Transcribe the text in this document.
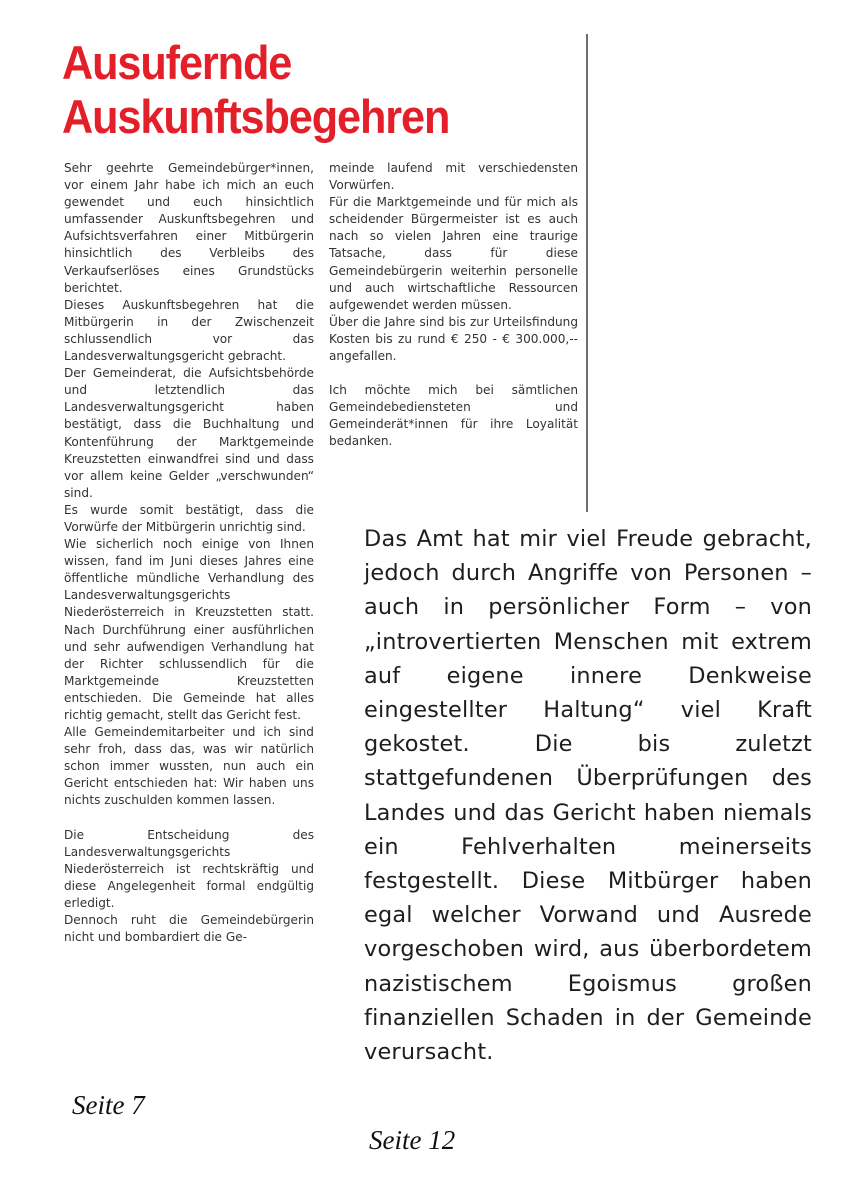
Ausufernde
Auskunftsbegehren

Sehr geehrte Gemeindebürger*innen, vor einem Jahr habe ich mich an euch gewendet und euch hinsichtlich umfassender Auskunftsbegehren und Aufsichtsverfahren einer Mitbürgerin hinsichtlich des Verbleibs des Verkaufserlöses eines Grundstücks berichtet.

Dieses Auskunftsbegehren hat die Mitbürgerin in der Zwischenzeit schlussendlich vor das Landesverwaltungsgericht gebracht.

Der Gemeinderat, die Aufsichtsbehörde und letztendlich das Landesverwaltungsgericht haben bestätigt, dass die Buchhaltung und Kontenführung der Marktgemeinde Kreuzstetten einwandfrei sind und dass vor allem keine Gelder „verschwunden“ sind.

Es wurde somit bestätigt, dass die Vorwürfe der Mitbürgerin unrichtig sind.

Wie sicherlich noch einige von Ihnen wissen, fand im Juni dieses Jahres eine öffentliche mündliche Verhandlung des Landesverwaltungsgerichts Niederösterreich in Kreuzstetten statt. Nach Durchführung einer ausführlichen und sehr aufwendigen Verhandlung hat der Richter schlussendlich für die Marktgemeinde Kreuzstetten entschieden. Die Gemeinde hat alles richtig gemacht, stellt das Gericht fest.

Alle Gemeindemitarbeiter und ich sind sehr froh, dass das, was wir natürlich schon immer wussten, nun auch ein Gericht entschieden hat: Wir haben uns nichts zuschulden kommen lassen.

Die Entscheidung des Landesverwaltungsgerichts Niederösterreich ist rechtskräftig und diese Angelegenheit formal endgültig erledigt.

Dennoch ruht die Gemeindebürgerin nicht und bombardiert die Ge-

meinde laufend mit verschiedensten Vorwürfen.

Für die Marktgemeinde und für mich als scheidender Bürgermeister ist es auch nach so vielen Jahren eine traurige Tatsache, dass für diese Gemeindebürgerin weiterhin personelle und auch wirtschaftliche Ressourcen aufgewendet werden müssen.

Über die Jahre sind bis zur Urteilsfindung Kosten bis zu rund € 250 - € 300.000,-- angefallen.

Ich möchte mich bei sämtlichen Gemeindebediensteten und Gemeinderät*innen für ihre Loyalität bedanken.

Das Amt hat mir viel Freude gebracht, jedoch durch Angriffe von Personen – auch in persönlicher Form – von „introvertierten Menschen mit extrem auf eigene innere Denkweise eingestellter Haltung“ viel Kraft gekostet. Die bis zuletzt stattgefundenen Überprüfungen des Landes und das Gericht haben niemals ein Fehlverhalten meinerseits festgestellt. Diese Mitbürger haben egal welcher Vorwand und Ausrede vorgeschoben wird, aus überbordetem nazistischem Egoismus großen finanziellen Schaden in der Gemeinde verursacht.

Seite 7
Seite 12
